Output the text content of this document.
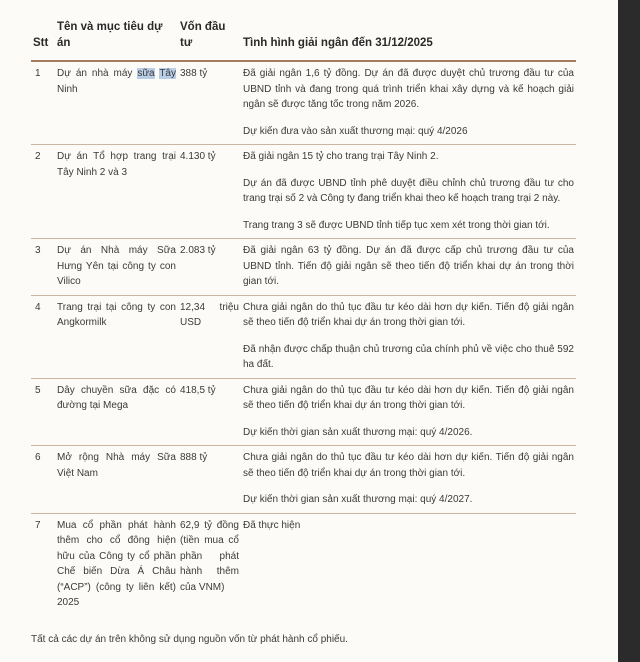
Stt	Tên và mục tiêu dự án	Vốn đầu tư	Tình hình giải ngân đến 31/12/2025
1	Dự án nhà máy sữa Tây Ninh	388 tỷ	Đã giải ngân 1,6 tỷ đồng. Dự án đã được duyệt chủ trương đầu tư của UBND tỉnh và đang trong quá trình triển khai xây dựng và kế hoạch giải ngân sẽ được tăng tốc trong năm 2026.

Dự kiến đưa vào sản xuất thương mại: quý 4/2026

2	Dự án Tổ hợp trang trại Tây Ninh 2 và 3	4.130 tỷ	Đã giải ngân 15 tỷ cho trang trại Tây Ninh 2.

Dự án đã được UBND tỉnh phê duyệt điều chỉnh chủ trương đầu tư cho trang trại số 2 và Công ty đang triển khai theo kế hoạch trang trại 2 này.

Trang trang 3 sẽ được UBND tỉnh tiếp tục xem xét trong thời gian tới.

3	Dự án Nhà máy Sữa Hưng Yên tại công ty con Vilico	2.083 tỷ	Đã giải ngân 63 tỷ đồng. Dự án đã được cấp chủ trương đầu tư của UBND tỉnh. Tiến độ giải ngân sẽ theo tiến độ triển khai dự án trong thời gian tới.

4	Trang trại tại công ty con Angkormilk	12,34 triệu USD	Chưa giải ngân do thủ tục đầu tư kéo dài hơn dự kiến. Tiến độ giải ngân sẽ theo tiến độ triển khai dự án trong thời gian tới.

Đã nhận được chấp thuận chủ trương của chính phủ về việc cho thuê 592 ha đất.

5	Dây chuyền sữa đặc có đường tại Mega	418,5 tỷ	Chưa giải ngân do thủ tục đầu tư kéo dài hơn dự kiến. Tiến độ giải ngân sẽ theo tiến độ triển khai dự án trong thời gian tới.

Dự kiến thời gian sản xuất thương mại: quý 4/2026.

6	Mở rộng Nhà máy Sữa Việt Nam	888 tỷ	Chưa giải ngân do thủ tục đầu tư kéo dài hơn dự kiến. Tiến độ giải ngân sẽ theo tiến độ triển khai dự án trong thời gian tới.

Dự kiến thời gian sản xuất thương mại: quý 4/2027.

7	Mua cổ phần phát hành thêm cho cổ đông hiện hữu của Công ty cổ phần Chế biến Dừa Á Châu (“ACP”) (công ty liên kết) 2025	62,9 tỷ đồng (tiền mua cổ phần phát hành thêm của VNM)	Đã thực hiện

Tất cả các dự án trên không sử dụng nguồn vốn từ phát hành cổ phiếu.
